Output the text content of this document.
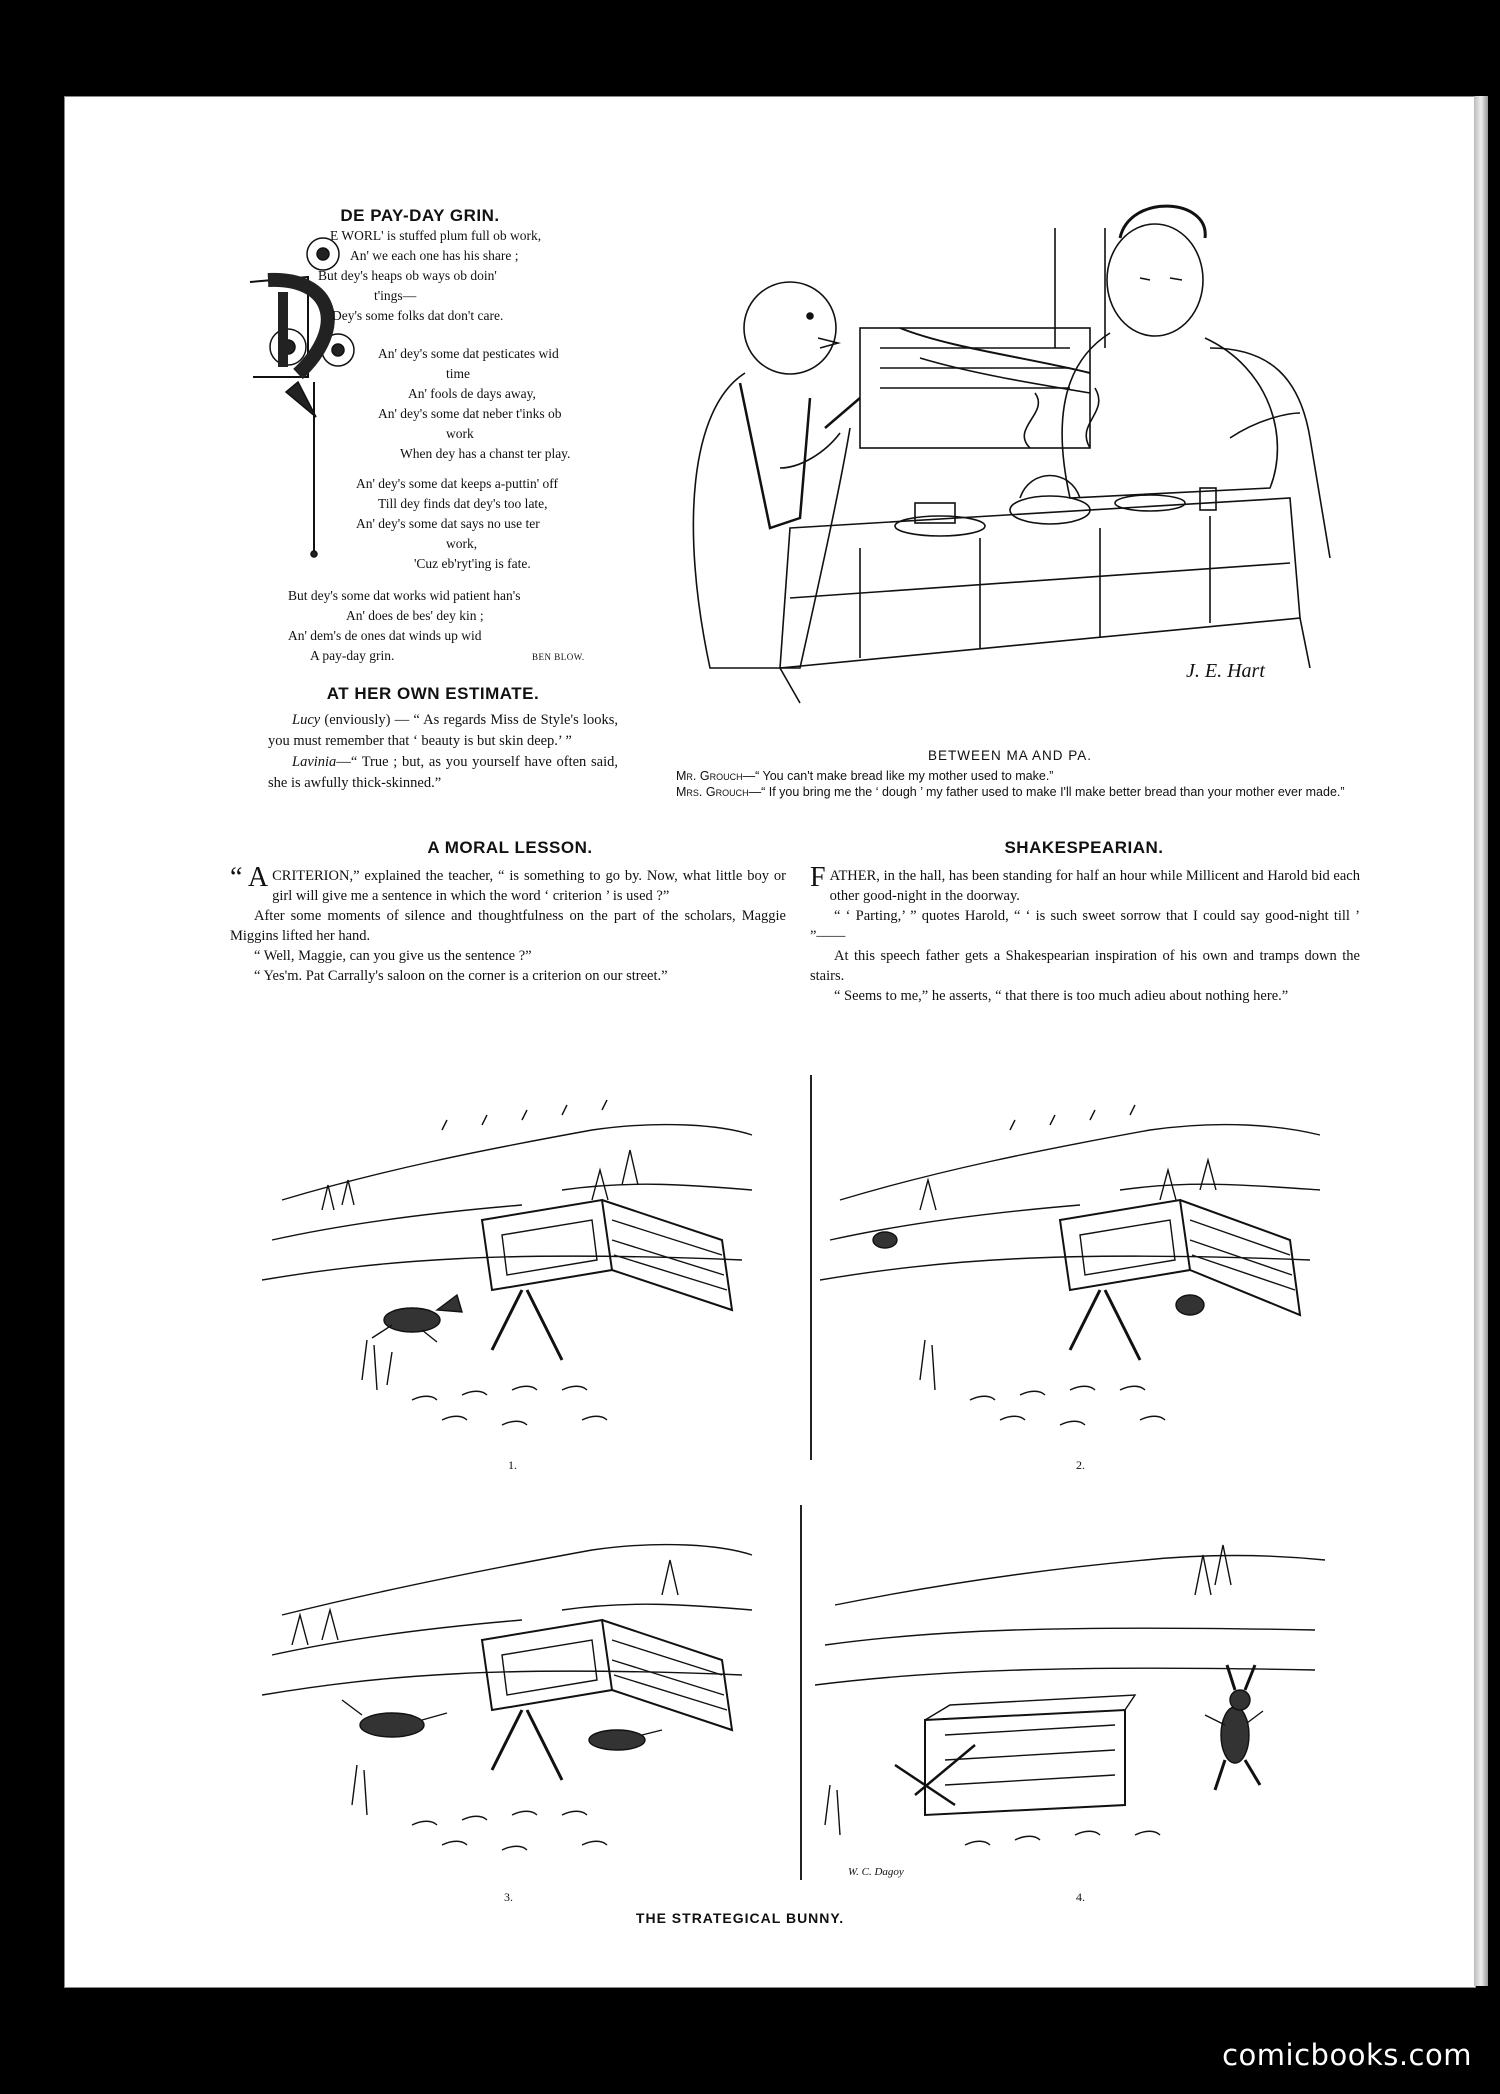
DE PAY-DAY GRIN.
E WORL' is stuffed plum full ob work,
An' we each one has his share ;
But dey's heaps ob ways ob doin'
t'ings—
Dey's some folks dat don't care.
An' dey's some dat pesticates wid
time
An' fools de days away,
An' dey's some dat neber t'inks ob
work
When dey has a chanst ter play.
An' dey's some dat keeps a-puttin' off
Till dey finds dat dey's too late,
An' dey's some dat says no use ter
work,
'Cuz eb'ryt'ing is fate.
But dey's some dat works wid patient han's
An' does de bes' dey kin ;
An' dem's de ones dat winds up wid
A pay-day grin.	BEN BLOW.
AT HER OWN ESTIMATE.

Lucy (enviously) — “ As regards Miss de Style's looks, you must remember that ‘ beauty is but skin deep.’ ”

Lavinia—“ True ; but, as you yourself have often said, she is awfully thick-skinned.”

J. E. Hart
BETWEEN MA AND PA.
Mr. Grouch—“ You can't make bread like my mother used to make.”
Mrs. Grouch—“ If you bring me the ‘ dough ’ my father used to make I'll make better bread than your mother ever made.”
A MORAL LESSON.

“ A CRITERION,” explained the teacher, “ is something to go by. Now, what little boy or girl will give me a sentence in which the word ‘ criterion ’ is used ?”

After some moments of silence and thoughtfulness on the part of the scholars, Maggie Miggins lifted her hand.

“ Well, Maggie, can you give us the sentence ?”

“ Yes'm. Pat Carrally's saloon on the corner is a criterion on our street.”

SHAKESPEARIAN.

FATHER, in the hall, has been standing for half an hour while Millicent and Harold bid each other good-night in the doorway.

“ ‘ Parting,’ ” quotes Harold, “ ‘ is such sweet sorrow that I could say good-night till ’ ”——

At this speech father gets a Shakespearian inspiration of his own and tramps down the stairs.

“ Seems to me,” he asserts, “ that there is too much adieu about nothing here.”

1.	2.
3.
W. C. Dagoy
4.
THE STRATEGICAL BUNNY.
comicbooks.com
